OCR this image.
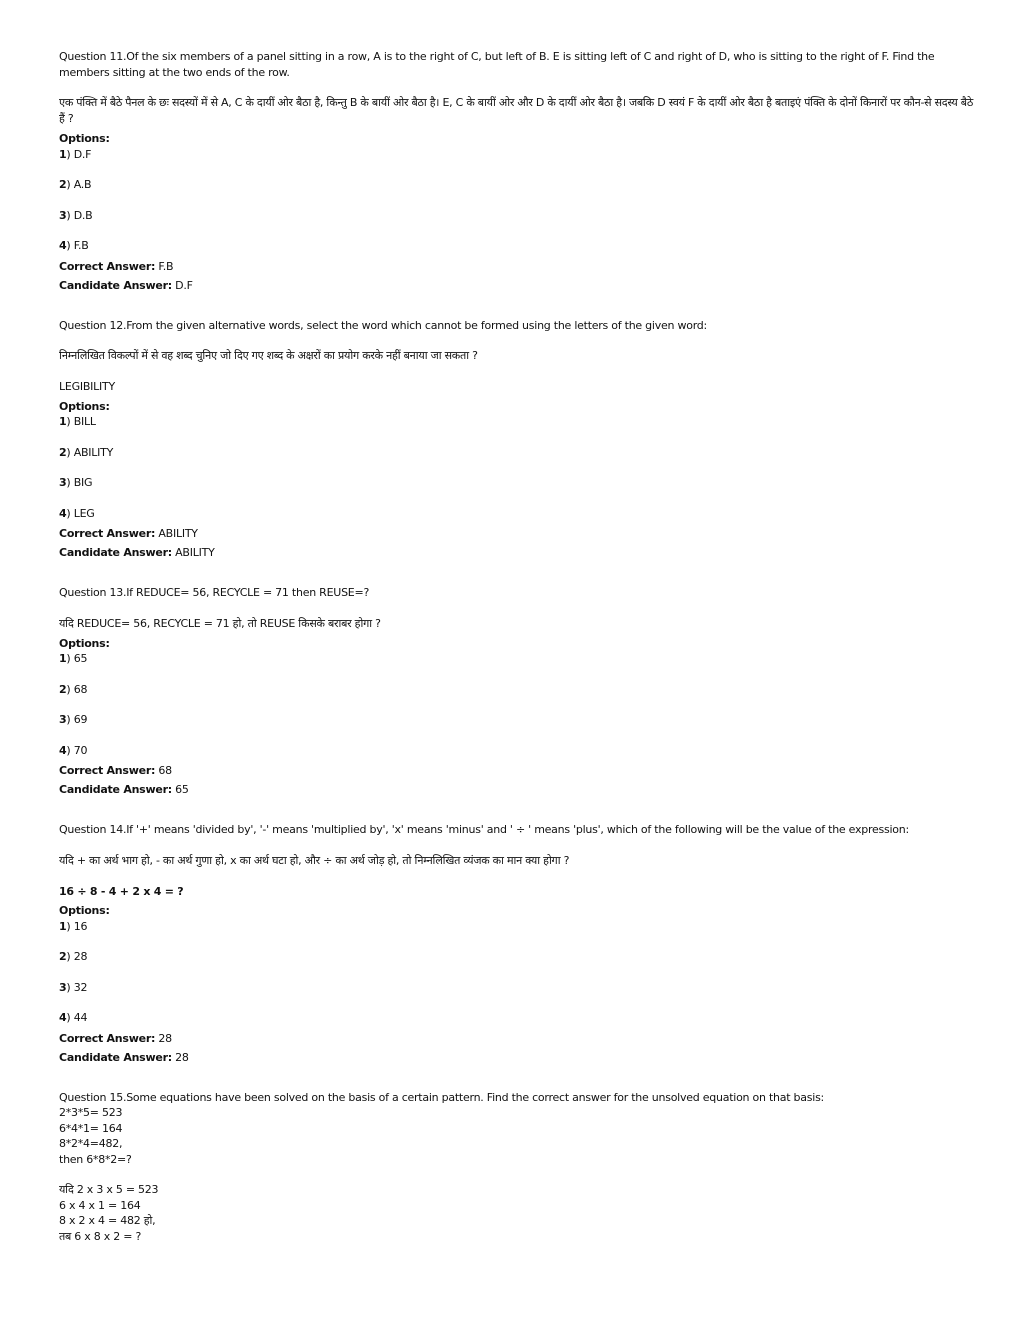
Question 11.Of the six members of a panel sitting in a row, A is to the right of C, but left of B. E is sitting left of C and right of D, who is sitting to the right of F. Find the members sitting at the two ends of the row.
एक पंक्ति में बैठे पैनल के छः सदस्यों में से A, C के दायीं ओर बैठा है, किन्तु B के बायीं ओर बैठा है। E, C के बायीं ओर और D के दायीं ओर बैठा है। जबकि D स्वयं F के दायीं ओर बैठा है बताइएं पंक्ति के दोनों किनारों पर कौन-से सदस्य बैठे हैं ?
Options:
1) D.F
2) A.B
3) D.B
4) F.B
Correct Answer: F.B
Candidate Answer: D.F
Question 12.From the given alternative words, select the word which cannot be formed using the letters of the given word:
निम्नलिखित विकल्पों में से वह शब्द चुनिए जो दिए गए शब्द के अक्षरों का प्रयोग करके नहीं बनाया जा सकता ?
LEGIBILITY
Options:
1) BILL
2) ABILITY
3) BIG
4) LEG
Correct Answer: ABILITY
Candidate Answer: ABILITY
Question 13.If REDUCE= 56, RECYCLE = 71 then REUSE=?
यदि REDUCE= 56, RECYCLE = 71 हो, तो REUSE किसके बराबर होगा ?
Options:
1) 65
2) 68
3) 69
4) 70
Correct Answer: 68
Candidate Answer: 65
Question 14.If '+' means 'divided by', '-' means 'multiplied by', 'x' means 'minus' and ' ÷ ' means 'plus', which of the following will be the value of the expression:
यदि + का अर्थ भाग हो, - का अर्थ गुणा हो, x का अर्थ घटा हो, और ÷ का अर्थ जोड़ हो, तो निम्नलिखित व्यंजक का मान क्या होगा ?
16 ÷ 8 - 4 + 2 x 4 = ?
Options:
1) 16
2) 28
3) 32
4) 44
Correct Answer: 28
Candidate Answer: 28
Question 15.Some equations have been solved on the basis of a certain pattern. Find the correct answer for the unsolved equation on that basis:
2*3*5= 523
6*4*1= 164
8*2*4=482,
then 6*8*2=?
यदि 2 x 3 x 5 = 523
6 x 4 x 1 = 164
8 x 2 x 4 = 482 हो,
तब 6 x 8 x 2 = ?
